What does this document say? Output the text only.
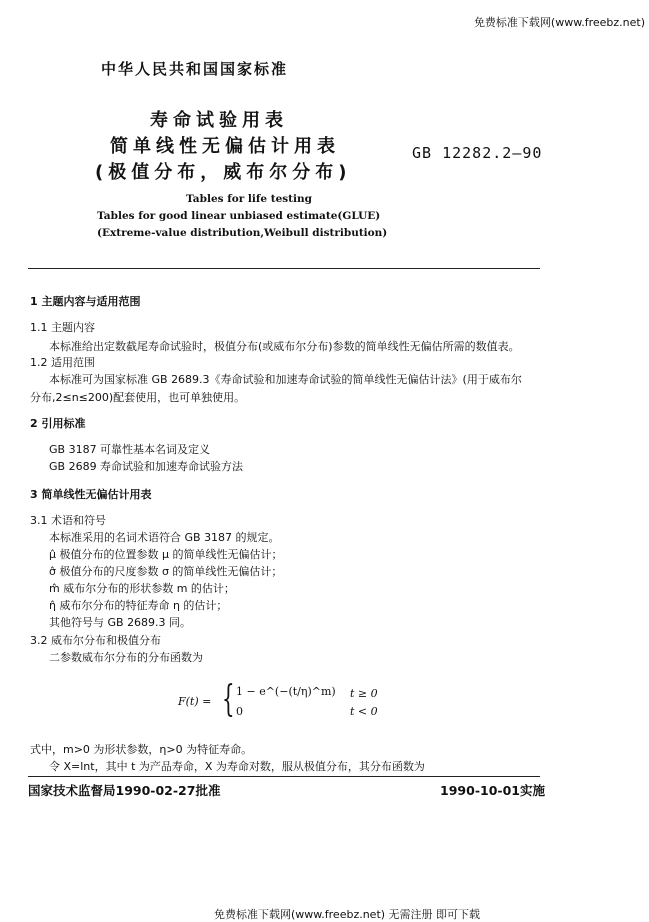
免费标准下载网(www.freebz.net)
中华人民共和国国家标准
寿命试验用表
简单线性无偏估计用表
(极值分布，威布尔分布)
GB 12282.2—90
Tables for life testing
Tables for good linear unbiased estimate(GLUE)
(Extreme-value distribution,Weibull distribution)
1 主题内容与适用范围
1.1 主题内容
本标准给出定数截尾寿命试验时，极值分布(或威布尔分布)参数的简单线性无偏估所需的数值表。
1.2 适用范围
本标准可为国家标准 GB 2689.3《寿命试验和加速寿命试验的简单线性无偏估计法》(用于威布尔
分布,2≤n≤200)配套使用，也可单独使用。
2 引用标准
GB 3187 可靠性基本名词及定义
GB 2689 寿命试验和加速寿命试验方法
3 简单线性无偏估计用表
3.1 术语和符号
本标准采用的名词术语符合 GB 3187 的规定。
μ̂ 极值分布的位置参数 μ 的简单线性无偏估计；
σ̂ 极值分布的尺度参数 σ 的简单线性无偏估计；
m̂ 威布尔分布的形状参数 m 的估计；
η̂ 威布尔分布的特征寿命 η 的估计；
其他符号与 GB 2689.3 同。
3.2 威布尔分布和极值分布
二参数威布尔分布的分布函数为
F(t) = { 1 − e^(−(t/η)^m) t ≥ 0
0	t < 0
式中，m>0 为形状参数，η>0 为特征寿命。
令 X=lnt，其中 t 为产品寿命，X 为寿命对数，服从极值分布，其分布函数为
国家技术监督局1990-02-27批准	1990-10-01实施
免费标准下载网(www.freebz.net) 无需注册 即可下载
